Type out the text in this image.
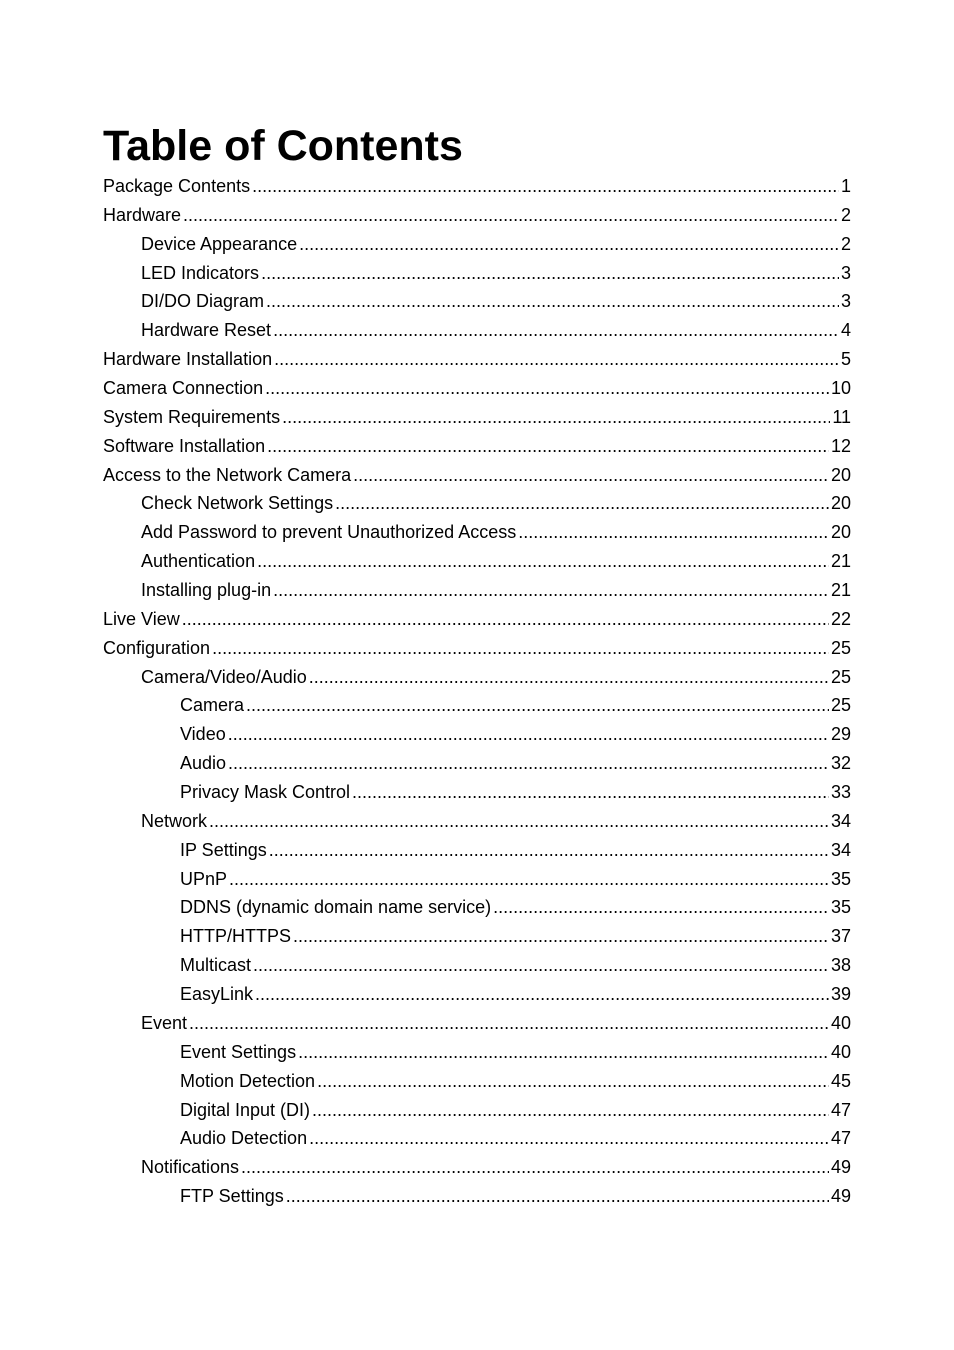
Table of Contents
Package Contents .....	1
Hardware .....	2
Device Appearance .....	2
LED Indicators .....	3
DI/DO Diagram .....	3
Hardware Reset .....	4
Hardware Installation .....	5
Camera Connection .....	10
System Requirements .....	11
Software Installation .....	12
Access to the Network Camera .....	20
Check Network Settings .....	20
Add Password to prevent Unauthorized Access .....	20
Authentication .....	21
Installing plug-in .....	21
Live View .....	22
Configuration .....	25
Camera/Video/Audio .....	25
Camera .....	25
Video .....	29
Audio .....	32
Privacy Mask Control .....	33
Network .....	34
IP Settings .....	34
UPnP .....	35
DDNS (dynamic domain name service) .....	35
HTTP/HTTPS .....	37
Multicast .....	38
EasyLink .....	39
Event .....	40
Event Settings .....	40
Motion Detection .....	45
Digital Input (DI) .....	47
Audio Detection .....	47
Notifications .....	49
FTP Settings .....	49
